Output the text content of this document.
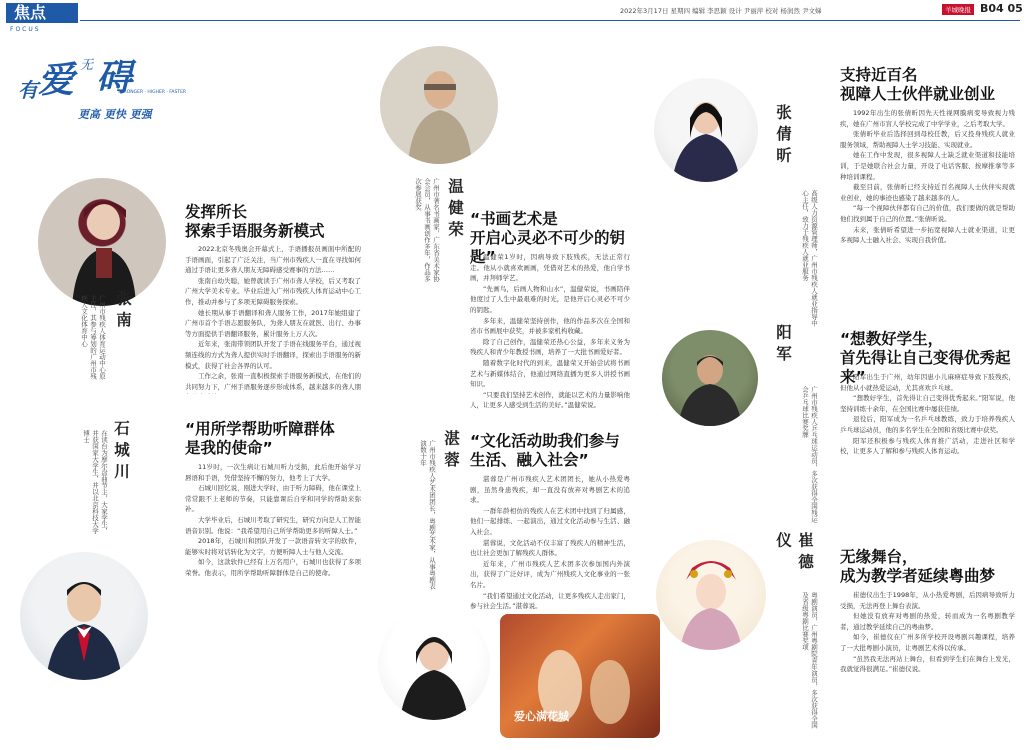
焦点
FOCUS
2022年3月17日 星期四 编辑 李思颖 设计 尹丽萍 校对 杨润然 尹文娣	羊城晚报 B04 05
有 爱 无 碍
更高 更快 更强
STRONGER · HIGHER · FASTER
张南
广州市残疾人体育运动中心原主任，其参与筹划的广州市残疾人文化体育中心
发挥所长
探索手语服务新模式

2022北京冬残奥会开幕式上，手语播报员画面中所配的手语画面，引起了广泛关注，当广州市残疾人一直在寻找如何通过手语让更多聋人朋友无障碍感受赛事的方法……

张南自幼失聪，她曾就读于广州市聋人学校，后又考取了广州大学美术专业。毕业后进入广州市残疾人体育运动中心工作，推动并参与了多项无障碍服务探索。

她长期从事手语翻译和聋人服务工作，2017年她组建了广州市首个手语志愿服务队，为聋人朋友在就医、出行、办事等方面提供手语翻译服务，累计服务上万人次。

近年来，张南带领团队开发了手语在线服务平台，通过视频连线的方式为聋人提供实时手语翻译，探索出手语服务的新模式，获得了社会各界的认可。

工作之余，张南一直积极探索手语服务新模式，在他们的共同努力下，广州手语服务逐步形成体系，越来越多的聋人朋

石城川
在读台为摩尔盘曲节主，大家学生，并获国家大学生，并以北京科技大学博士	“用所学帮助听障群体
是我的使命”

11岁时，一次生病让石城川听力受损，此后他开始学习唇语和手语，凭借坚持不懈的努力，他考上了大学。

石城川回忆说，刚进大学时，由于听力障碍，他在课堂上常常跟不上老师的节奏，只能靠课后自学和同学的帮助来弥补。

大学毕业后，石城川考取了研究生，研究方向是人工智能语音识别。他说：“我希望用自己所学帮助更多的听障人士。”

2018年，石城川和团队开发了一款语音转文字的软件，能够实时将对话转化为文字，方便听障人士与他人交流。

如今，这款软件已经有上万名用户，石城川也获得了多项荣誉。他表示，用所学帮助听障群体是自己的使命。

温健荣
广州市著名书画家，广东省美术家协会会员，从事书画创作多年，作品多次参展获奖
“书画艺术是
开启心灵必不可少的钥匙”

温健荣1岁时，因病导致下肢残疾，无法正常行走。他从小就喜欢画画，凭借对艺术的热爱，他自学书画，并拜师学艺。

“先画鸟，后画人物和山水”，温健荣说，书画陪伴他度过了人生中最艰难的时光，是他开启心灵必不可少的钥匙。

多年来，温健荣坚持创作，他的作品多次在全国和省市书画展中获奖，并被多家机构收藏。

除了自己创作，温健荣还热心公益，多年来义务为残疾人和青少年教授书画，培养了一大批书画爱好者。

随着数字化时代的到来，温健荣又开始尝试将书画艺术与新媒体结合，他通过网络直播为更多人讲授书画知识。

“只要我们坚持艺术创作，就能以艺术的力量影响他人，让更多人感受到生活的美好。”温健荣说。

湛蓉
广州市残疾人艺术团团长，粤剧艺术家，从事粤剧表演数十年	“文化活动助我们参与
生活、融入社会”

湛蓉是广州市残疾人艺术团团长，她从小热爱粤剧，虽然身患残疾，却一直没有放弃对粤剧艺术的追求。

一群年龄相仿的残疾人在艺术团中找到了归属感，他们一起排练、一起演出，通过文化活动参与生活、融入社会。

湛蓉说，文化活动不仅丰富了残疾人的精神生活，也让社会更加了解残疾人群体。

近年来，广州市残疾人艺术团多次参加国内外演出，获得了广泛好评，成为广州残疾人文化事业的一张名片。

“我们希望通过文化活动，让更多残疾人走出家门，参与社会生活。”湛蓉说。

爱心满花城
张倩昕
高级人力资源管理师，广州市残疾人就业指导中心主任，致力于残疾人就业服务
支持近百名
视障人士伙伴就业创业

1992年出生的张倩昕因先天性视网膜病变导致视力残疾，她在广州市盲人学校完成了中学学业，之后考取大学。

张倩昕毕业后选择回到母校任教，后又投身残疾人就业服务领域，帮助视障人士学习技能、实现就业。

她在工作中发现，很多视障人士缺乏就业渠道和技能培训，于是她联合社会力量，开设了电话客服、按摩推拿等多种培训课程。

截至目前，张倩昕已经支持近百名视障人士伙伴实现就业创业，她的事迹也感染了越来越多的人。

“每一个视障伙伴都有自己的价值，我们要做的就是帮助他们找到属于自己的位置。”张倩昕说。

未来，张倩昕希望进一步拓宽视障人士就业渠道，让更多视障人士融入社会、实现自我价值。

阳军
广州市残疾人乒乓球运动员，多次获得全国残运会乒乓球比赛奖牌
“想教好学生，
首先得让自己变得优秀起来”

阳军出生于广州，幼年因患小儿麻痹症导致下肢残疾，但他从小就热爱运动，尤其喜欢乒乓球。

“想教好学生，首先得让自己变得优秀起来。”阳军说，他坚持训练十余年，在全国比赛中屡获佳绩。

退役后，阳军成为一名乒乓球教练，致力于培养残疾人乒乓球运动员，他的多名学生在全国和省级比赛中获奖。

阳军还积极参与残疾人体育推广活动，走进社区和学校，让更多人了解和参与残疾人体育运动。

崔德仪
粤剧演员，广州粤剧院青年演员，多次获得全国及省级粤剧比赛奖项
无缘舞台，
成为教学者延续粤曲梦

崔德仪出生于1998年，从小热爱粤剧，后因病导致听力受损，无法再登上舞台表演。

但她没有放弃对粤剧的热爱，转而成为一名粤剧教学者，通过教学延续自己的粤曲梦。

如今，崔德仪在广州多所学校开设粤剧兴趣课程，培养了一大批粤剧小演员，让粤剧艺术得以传承。

“虽然我无法再站上舞台，但看到学生们在舞台上发光，我就觉得很满足。”崔德仪说。
